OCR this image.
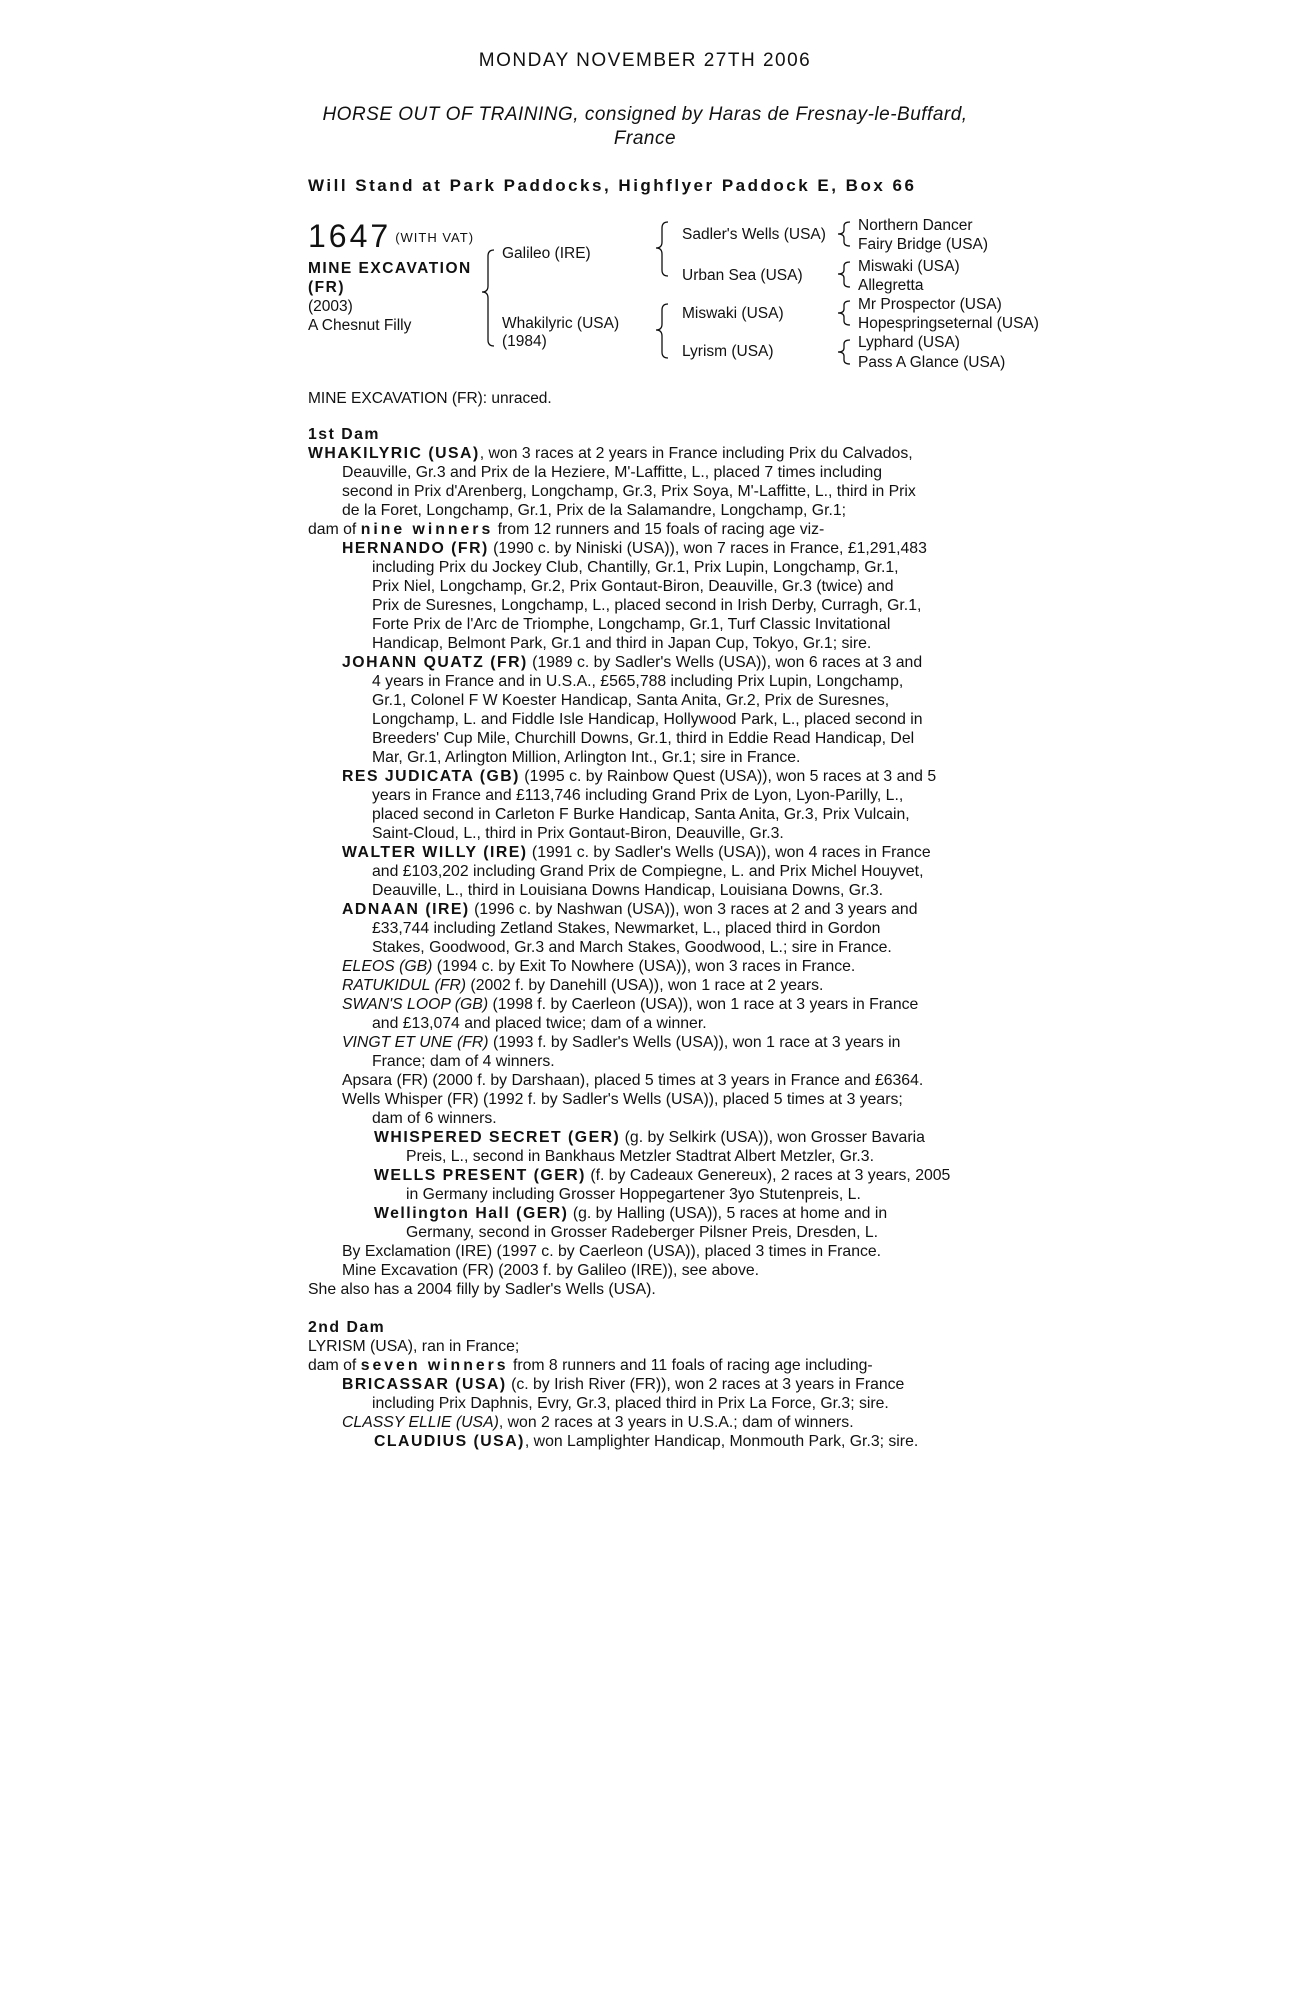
MONDAY NOVEMBER 27TH 2006
HORSE OUT OF TRAINING, consigned by Haras de Fresnay-le-Buffard, France
Will Stand at Park Paddocks, Highflyer Paddock E, Box 66
1647 (WITH VAT)
MINE EXCAVATION
(FR)
(2003)
A Chesnut Filly
Galileo (IRE)
Whakilyric (USA)
(1984)
Sadler's Wells (USA)
Urban Sea (USA)
Miswaki (USA)
Lyrism (USA)
Northern Dancer
Fairy Bridge (USA)
Miswaki (USA)
Allegretta
Mr Prospector (USA)
Hopespringseternal (USA)
Lyphard (USA)
Pass A Glance (USA)
MINE EXCAVATION (FR): unraced.
1st Dam
WHAKILYRIC (USA), won 3 races at 2 years in France including Prix du Calvados,
Deauville, Gr.3 and Prix de la Heziere, M'-Laffitte, L., placed 7 times including
second in Prix d'Arenberg, Longchamp, Gr.3, Prix Soya, M'-Laffitte, L., third in Prix
de la Foret, Longchamp, Gr.1, Prix de la Salamandre, Longchamp, Gr.1;
dam of nine winners from 12 runners and 15 foals of racing age viz-
HERNANDO (FR) (1990 c. by Niniski (USA)), won 7 races in France, £1,291,483
including Prix du Jockey Club, Chantilly, Gr.1, Prix Lupin, Longchamp, Gr.1,
Prix Niel, Longchamp, Gr.2, Prix Gontaut-Biron, Deauville, Gr.3 (twice) and
Prix de Suresnes, Longchamp, L., placed second in Irish Derby, Curragh, Gr.1,
Forte Prix de l'Arc de Triomphe, Longchamp, Gr.1, Turf Classic Invitational
Handicap, Belmont Park, Gr.1 and third in Japan Cup, Tokyo, Gr.1; sire.
JOHANN QUATZ (FR) (1989 c. by Sadler's Wells (USA)), won 6 races at 3 and
4 years in France and in U.S.A., £565,788 including Prix Lupin, Longchamp,
Gr.1, Colonel F W Koester Handicap, Santa Anita, Gr.2, Prix de Suresnes,
Longchamp, L. and Fiddle Isle Handicap, Hollywood Park, L., placed second in
Breeders' Cup Mile, Churchill Downs, Gr.1, third in Eddie Read Handicap, Del
Mar, Gr.1, Arlington Million, Arlington Int., Gr.1; sire in France.
RES JUDICATA (GB) (1995 c. by Rainbow Quest (USA)), won 5 races at 3 and 5
years in France and £113,746 including Grand Prix de Lyon, Lyon-Parilly, L.,
placed second in Carleton F Burke Handicap, Santa Anita, Gr.3, Prix Vulcain,
Saint-Cloud, L., third in Prix Gontaut-Biron, Deauville, Gr.3.
WALTER WILLY (IRE) (1991 c. by Sadler's Wells (USA)), won 4 races in France
and £103,202 including Grand Prix de Compiegne, L. and Prix Michel Houyvet,
Deauville, L., third in Louisiana Downs Handicap, Louisiana Downs, Gr.3.
ADNAAN (IRE) (1996 c. by Nashwan (USA)), won 3 races at 2 and 3 years and
£33,744 including Zetland Stakes, Newmarket, L., placed third in Gordon
Stakes, Goodwood, Gr.3 and March Stakes, Goodwood, L.; sire in France.
ELEOS (GB) (1994 c. by Exit To Nowhere (USA)), won 3 races in France.
RATUKIDUL (FR) (2002 f. by Danehill (USA)), won 1 race at 2 years.
SWAN'S LOOP (GB) (1998 f. by Caerleon (USA)), won 1 race at 3 years in France
and £13,074 and placed twice; dam of a winner.
VINGT ET UNE (FR) (1993 f. by Sadler's Wells (USA)), won 1 race at 3 years in
France; dam of 4 winners.
Apsara (FR) (2000 f. by Darshaan), placed 5 times at 3 years in France and £6364.
Wells Whisper (FR) (1992 f. by Sadler's Wells (USA)), placed 5 times at 3 years;
dam of 6 winners.
WHISPERED SECRET (GER) (g. by Selkirk (USA)), won Grosser Bavaria
Preis, L., second in Bankhaus Metzler Stadtrat Albert Metzler, Gr.3.
WELLS PRESENT (GER) (f. by Cadeaux Genereux), 2 races at 3 years, 2005
in Germany including Grosser Hoppegartener 3yo Stutenpreis, L.
Wellington Hall (GER) (g. by Halling (USA)), 5 races at home and in
Germany, second in Grosser Radeberger Pilsner Preis, Dresden, L.
By Exclamation (IRE) (1997 c. by Caerleon (USA)), placed 3 times in France.
Mine Excavation (FR) (2003 f. by Galileo (IRE)), see above.
She also has a 2004 filly by Sadler's Wells (USA).
2nd Dam
LYRISM (USA), ran in France;
dam of seven winners from 8 runners and 11 foals of racing age including-
BRICASSAR (USA) (c. by Irish River (FR)), won 2 races at 3 years in France
including Prix Daphnis, Evry, Gr.3, placed third in Prix La Force, Gr.3; sire.
CLASSY ELLIE (USA), won 2 races at 3 years in U.S.A.; dam of winners.
CLAUDIUS (USA), won Lamplighter Handicap, Monmouth Park, Gr.3; sire.
